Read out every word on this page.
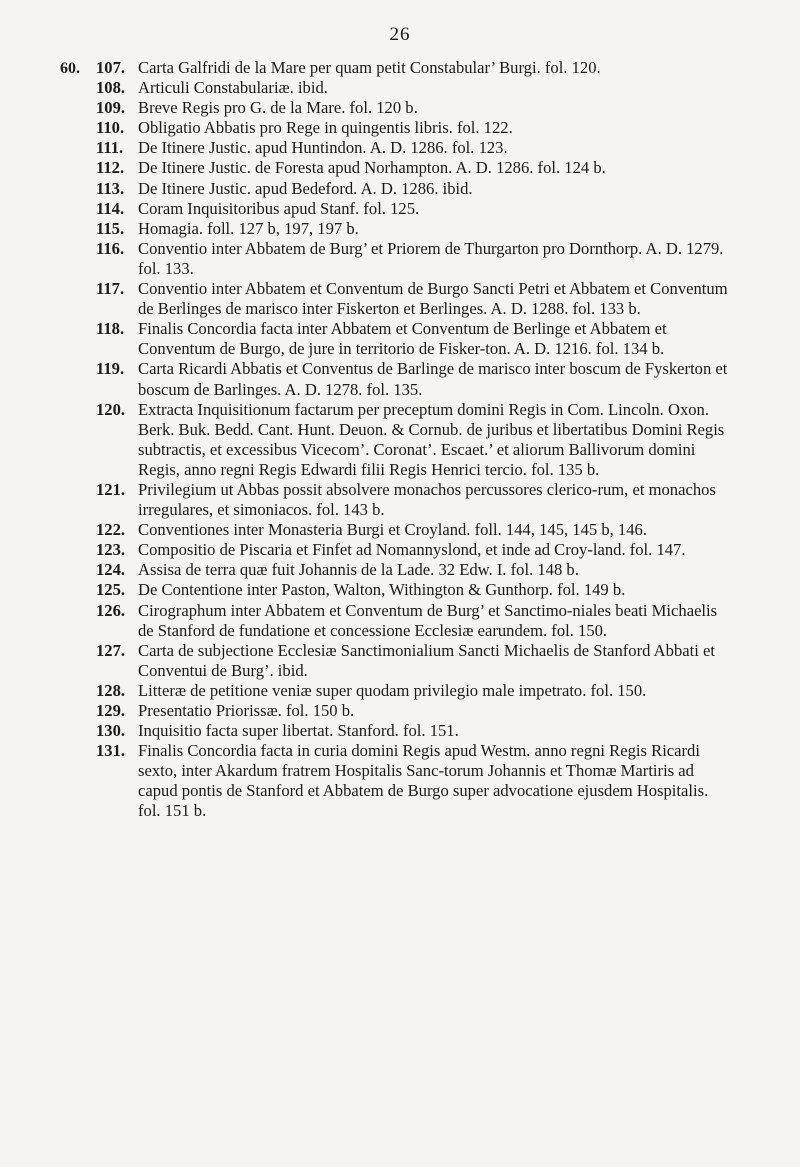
26
60. 107. Carta Galfridi de la Mare per quam petit Constabular’ Burgi. fol. 120.
108. Articuli Constabulariæ. ibid.
109. Breve Regis pro G. de la Mare. fol. 120 b.
110. Obligatio Abbatis pro Rege in quingentis libris. fol. 122.
111. De Itinere Justic. apud Huntindon. A. D. 1286. fol. 123.
112. De Itinere Justic. de Foresta apud Norhampton. A. D. 1286. fol. 124 b.
113. De Itinere Justic. apud Bedeford. A. D. 1286. ibid.
114. Coram Inquisitoribus apud Stanf. fol. 125.
115. Homagia. foll. 127 b, 197, 197 b.
116. Conventio inter Abbatem de Burg’ et Priorem de Thurgarton pro Dornthorp. A. D. 1279. fol. 133.
117. Conventio inter Abbatem et Conventum de Burgo Sancti Petri et Abbatem et Conventum de Berlinges de marisco inter Fiskerton et Berlinges. A. D. 1288. fol. 133 b.
118. Finalis Concordia facta inter Abbatem et Conventum de Berlinge et Abbatem et Conventum de Burgo, de jure in territorio de Fisker-ton. A. D. 1216. fol. 134 b.
119. Carta Ricardi Abbatis et Conventus de Barlinge de marisco inter boscum de Fyskerton et boscum de Barlinges. A. D. 1278. fol. 135.
120. Extracta Inquisitionum factarum per preceptum domini Regis in Com. Lincoln. Oxon. Berk. Buk. Bedd. Cant. Hunt. Deuon. & Cornub. de juribus et libertatibus Domini Regis subtractis, et excessibus Vicecom’. Coronat’. Escaet.’ et aliorum Ballivorum domini Regis, anno regni Regis Edwardi filii Regis Henrici tercio. fol. 135 b.
121. Privilegium ut Abbas possit absolvere monachos percussores clerico-rum, et monachos irregulares, et simoniacos. fol. 143 b.
122. Conventiones inter Monasteria Burgi et Croyland. foll. 144, 145, 145 b, 146.
123. Compositio de Piscaria et Finfet ad Nomannyslond, et inde ad Croy-land. fol. 147.
124. Assisa de terra quæ fuit Johannis de la Lade. 32 Edw. I. fol. 148 b.
125. De Contentione inter Paston, Walton, Withington & Gunthorp. fol. 149 b.
126. Cirographum inter Abbatem et Conventum de Burg’ et Sanctimo-niales beati Michaelis de Stanford de fundatione et concessione Ecclesiæ earundem. fol. 150.
127. Carta de subjectione Ecclesiæ Sanctimonialium Sancti Michaelis de Stanford Abbati et Conventui de Burg’. ibid.
128. Litteræ de petitione veniæ super quodam privilegio male impetrato. fol. 150.
129. Presentatio Priorissæ. fol. 150 b.
130. Inquisitio facta super libertat. Stanford. fol. 151.
131. Finalis Concordia facta in curia domini Regis apud Westm. anno regni Regis Ricardi sexto, inter Akardum fratrem Hospitalis Sanc-torum Johannis et Thomæ Martiris ad capud pontis de Stanford et Abbatem de Burgo super advocatione ejusdem Hospitalis. fol. 151 b.
